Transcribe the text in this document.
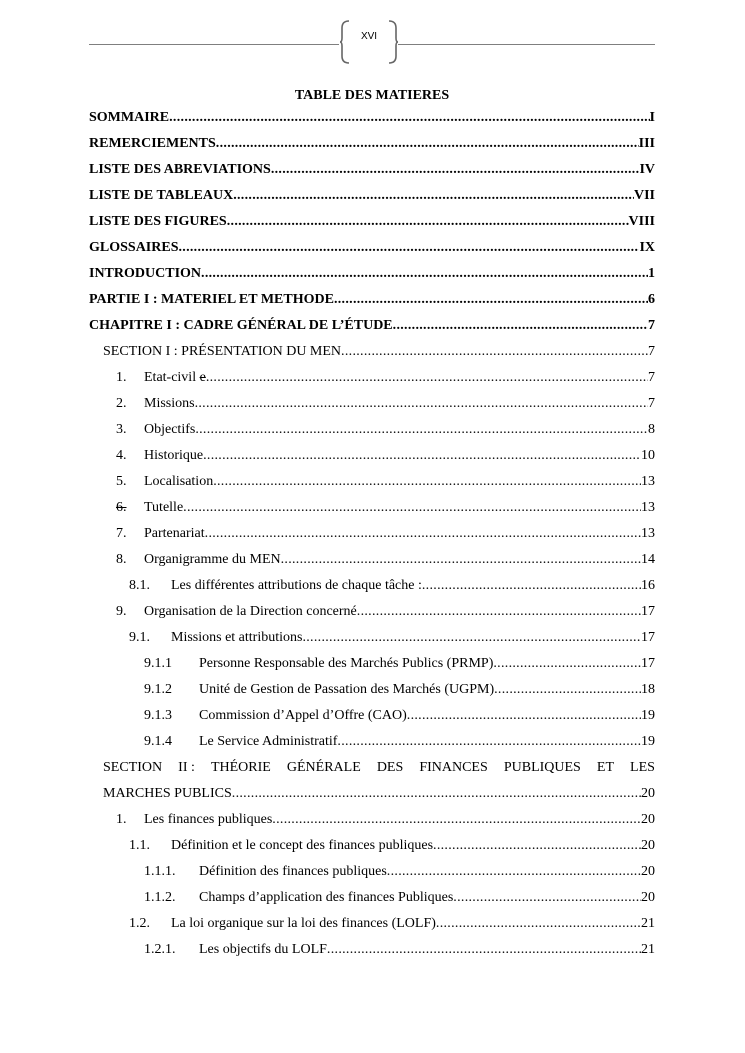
XVI
TABLE DES MATIERES
SOMMAIRE .....	I
REMERCIEMENTS .....	III
LISTE DES ABREVIATIONS .....	IV
LISTE DE TABLEAUX .....	VII
LISTE DES FIGURES .....	VIII
GLOSSAIRES .....	IX
INTRODUCTION .....	1
PARTIE I : MATERIEL ET METHODE .....	6
CHAPITRE I : CADRE GÉNÉRAL DE L’ÉTUDE .....	7
SECTION I : PRÉSENTATION DU MEN .....	7
1.	Etat-civil e .....	7
2.	Missions .....	7
3.	Objectifs .....	8
4.	Historique .....	10
5.	Localisation .....	13
6.	Tutelle .....	13
7.	Partenariat .....	13
8.	Organigramme du MEN .....	14
8.1.	Les différentes attributions de chaque tâche : .....	16
9.	Organisation de la Direction concerné .....	17
9.1.	Missions et attributions .....	17
9.1.1	Personne Responsable des Marchés Publics (PRMP) .....	17
9.1.2	Unité de Gestion de Passation des Marchés (UGPM) .....	18
9.1.3	Commission d’Appel d’Offre (CAO) .....	19
9.1.4	Le Service Administratif .....	19
SECTION II : THÉORIE GÉNÉRALE DES FINANCES PUBLIQUES ET LES
MARCHES PUBLICS .....	20
1.	Les finances publiques .....	20
1.1.	Définition et le concept des finances publiques .....	20
1.1.1.	Définition des finances publiques .....	20
1.1.2.	Champs d’application des finances Publiques .....	20
1.2.	La loi organique sur la loi des finances (LOLF) .....	21
1.2.1.	Les objectifs du LOLF .....	21
